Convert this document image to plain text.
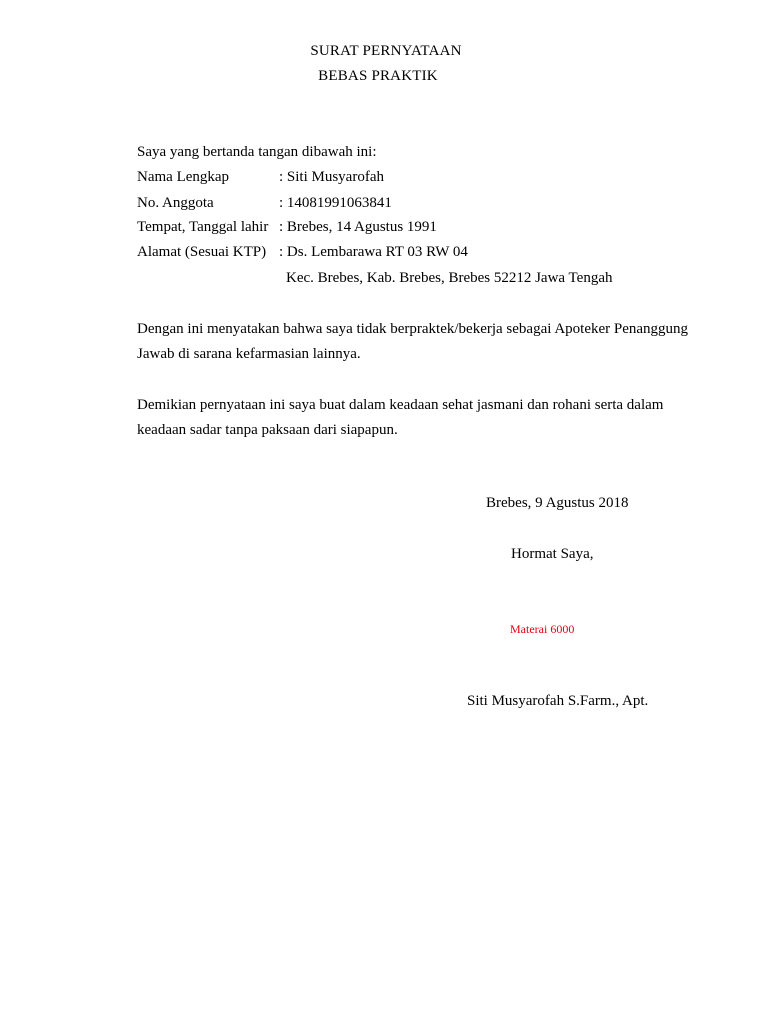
SURAT PERNYATAAN
BEBAS PRAKTIK
Saya yang bertanda tangan dibawah ini:
Nama Lengkap	: Siti Musyarofah
No. Anggota	: 14081991063841
Tempat, Tanggal lahir : Brebes, 14 Agustus 1991
Alamat (Sesuai KTP) : Ds. Lembarawa RT 03 RW 04
Kec. Brebes, Kab. Brebes, Brebes 52212 Jawa Tengah
Dengan ini menyatakan bahwa saya tidak berpraktek/bekerja sebagai Apoteker Penanggung
Jawab di sarana kefarmasian lainnya.
Demikian pernyataan ini saya buat dalam keadaan sehat jasmani dan rohani serta dalam
keadaan sadar tanpa paksaan dari siapapun.
Brebes, 9 Agustus 2018
Hormat Saya,
Materai 6000
Siti Musyarofah S.Farm., Apt.
